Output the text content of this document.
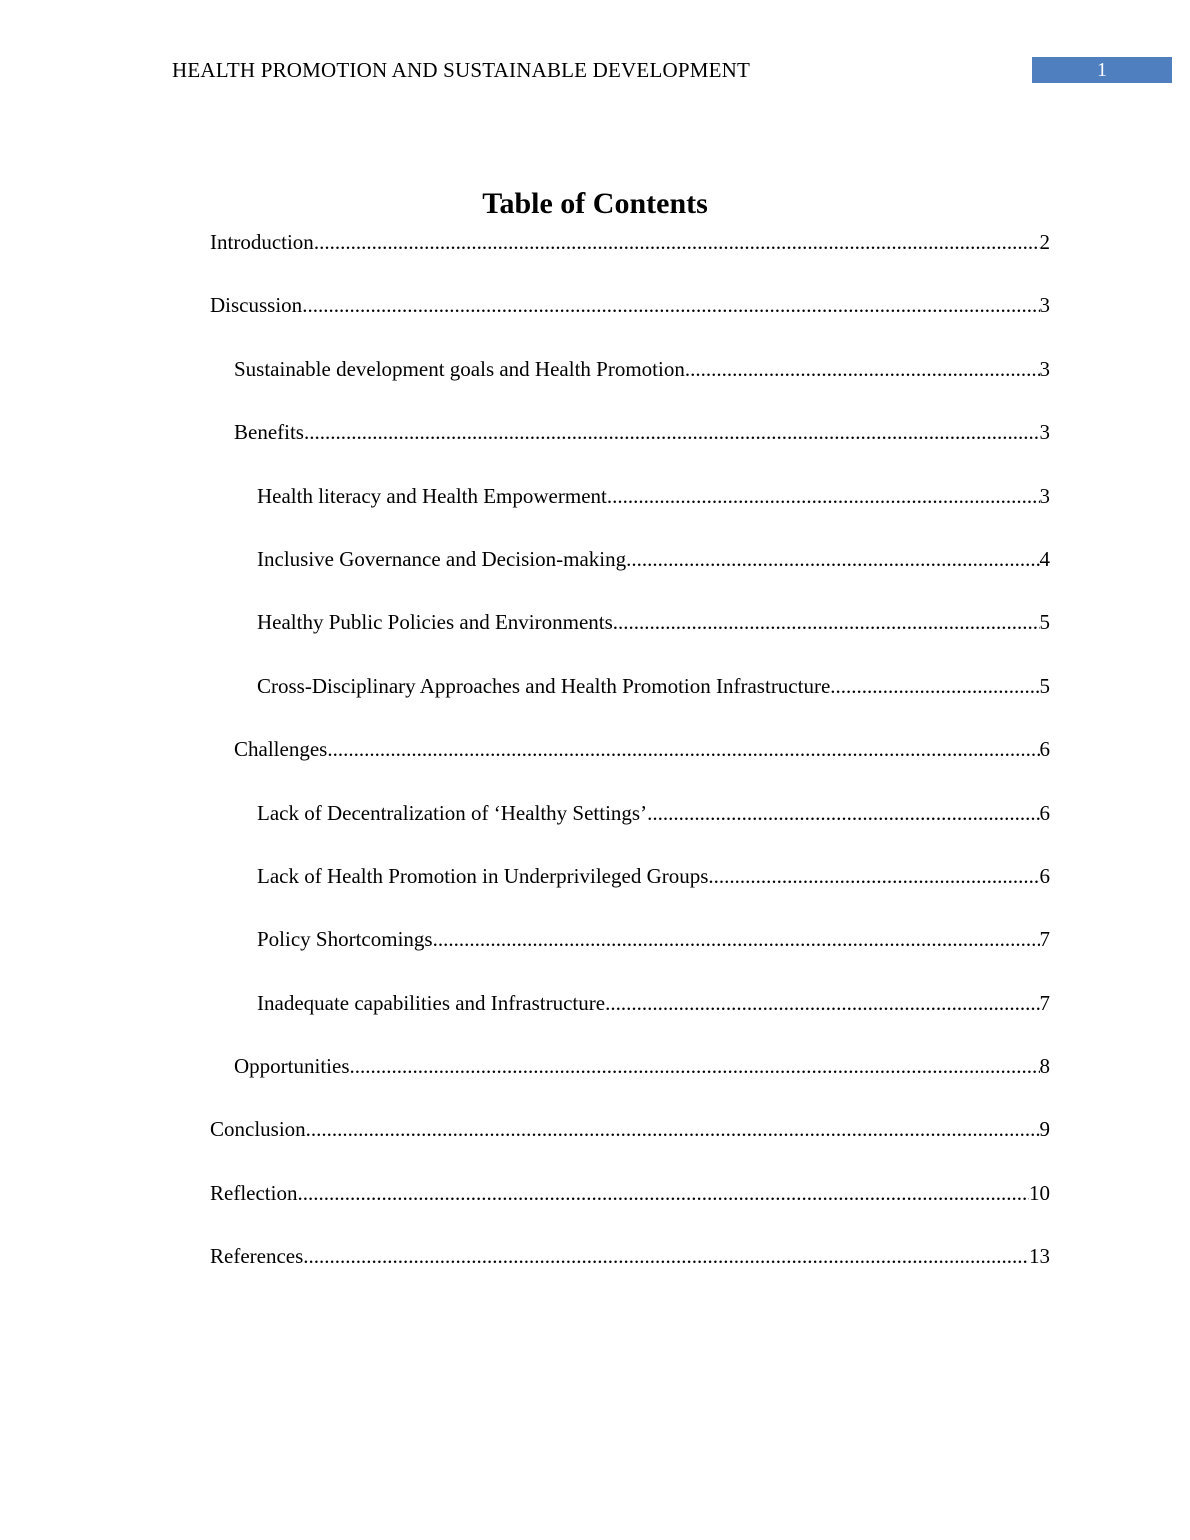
HEALTH PROMOTION AND SUSTAINABLE DEVELOPMENT	1
Table of Contents
Introduction .....	2
Discussion .....	3
Sustainable development goals and Health Promotion .....	3
Benefits .....	3
Health literacy and Health Empowerment .....	3
Inclusive Governance and Decision-making .....	4
Healthy Public Policies and Environments .....	5
Cross-Disciplinary Approaches and Health Promotion Infrastructure .....	5
Challenges .....	6
Lack of Decentralization of ‘Healthy Settings’ .....	6
Lack of Health Promotion in Underprivileged Groups .....	6
Policy Shortcomings .....	7
Inadequate capabilities and Infrastructure .....	7
Opportunities .....	8
Conclusion .....	9
Reflection .....	10
References .....	13
